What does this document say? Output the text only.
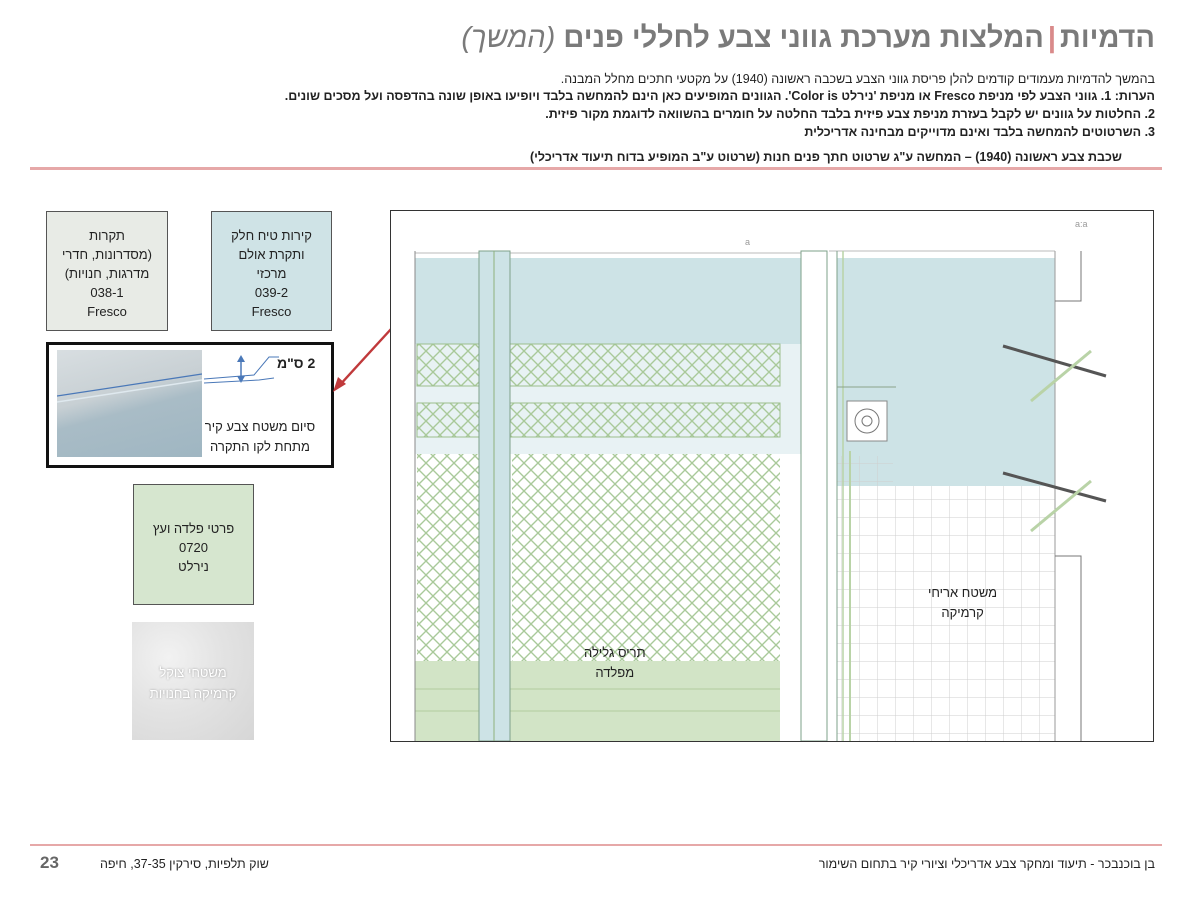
הדמיות|המלצות מערכת גווני צבע לחללי פנים (המשך)
בהמשך להדמיות מעמודים קודמים להלן פריסת גווני הצבע בשכבה ראשונה (1940) על מקטעי חתכים מחלל המבנה.
הערות: 1. גווני הצבע לפי מניפת Fresco או מניפת 'נירלט Color is'. הגוונים המופיעים כאן הינם להמחשה בלבד ויופיעו באופן שונה בהדפסה ועל מסכים שונים.
2. החלטות על גוונים יש לקבל בעזרת מניפת צבע פיזית בלבד החלטה על חומרים בהשוואה לדוגמת מקור פיזית.
3. השרטוטים להמחשה בלבד ואינם מדוייקים מבחינה אדריכלית
שכבת צבע ראשונה (1940) – המחשה ע"ג שרטוט חתך פנים חנות (שרטוט ע"ב המופיע בדוח תיעוד אדריכלי)
קירות טיח חלק
ותקרת אולם
מרכזי
039-2
Fresco
תקרות
(מסדרונות, חדרי
מדרגות, חנויות)
038-1
Fresco
2 ס"מ
סיום משטח צבע קיר
מתחת לקו התקרה
פרטי פלדה ועץ
0720
נירלט
משטחי צוקל
קרמיקה בחנויות
a
a:a
תריס גלילה
מפלדה
משטח אריחי
קרמיקה
23	שוק תלפיות, סירקין 37-35, חיפה	בן בוכנבכר - תיעוד ומחקר צבע אדריכלי וציורי קיר בתחום השימור
